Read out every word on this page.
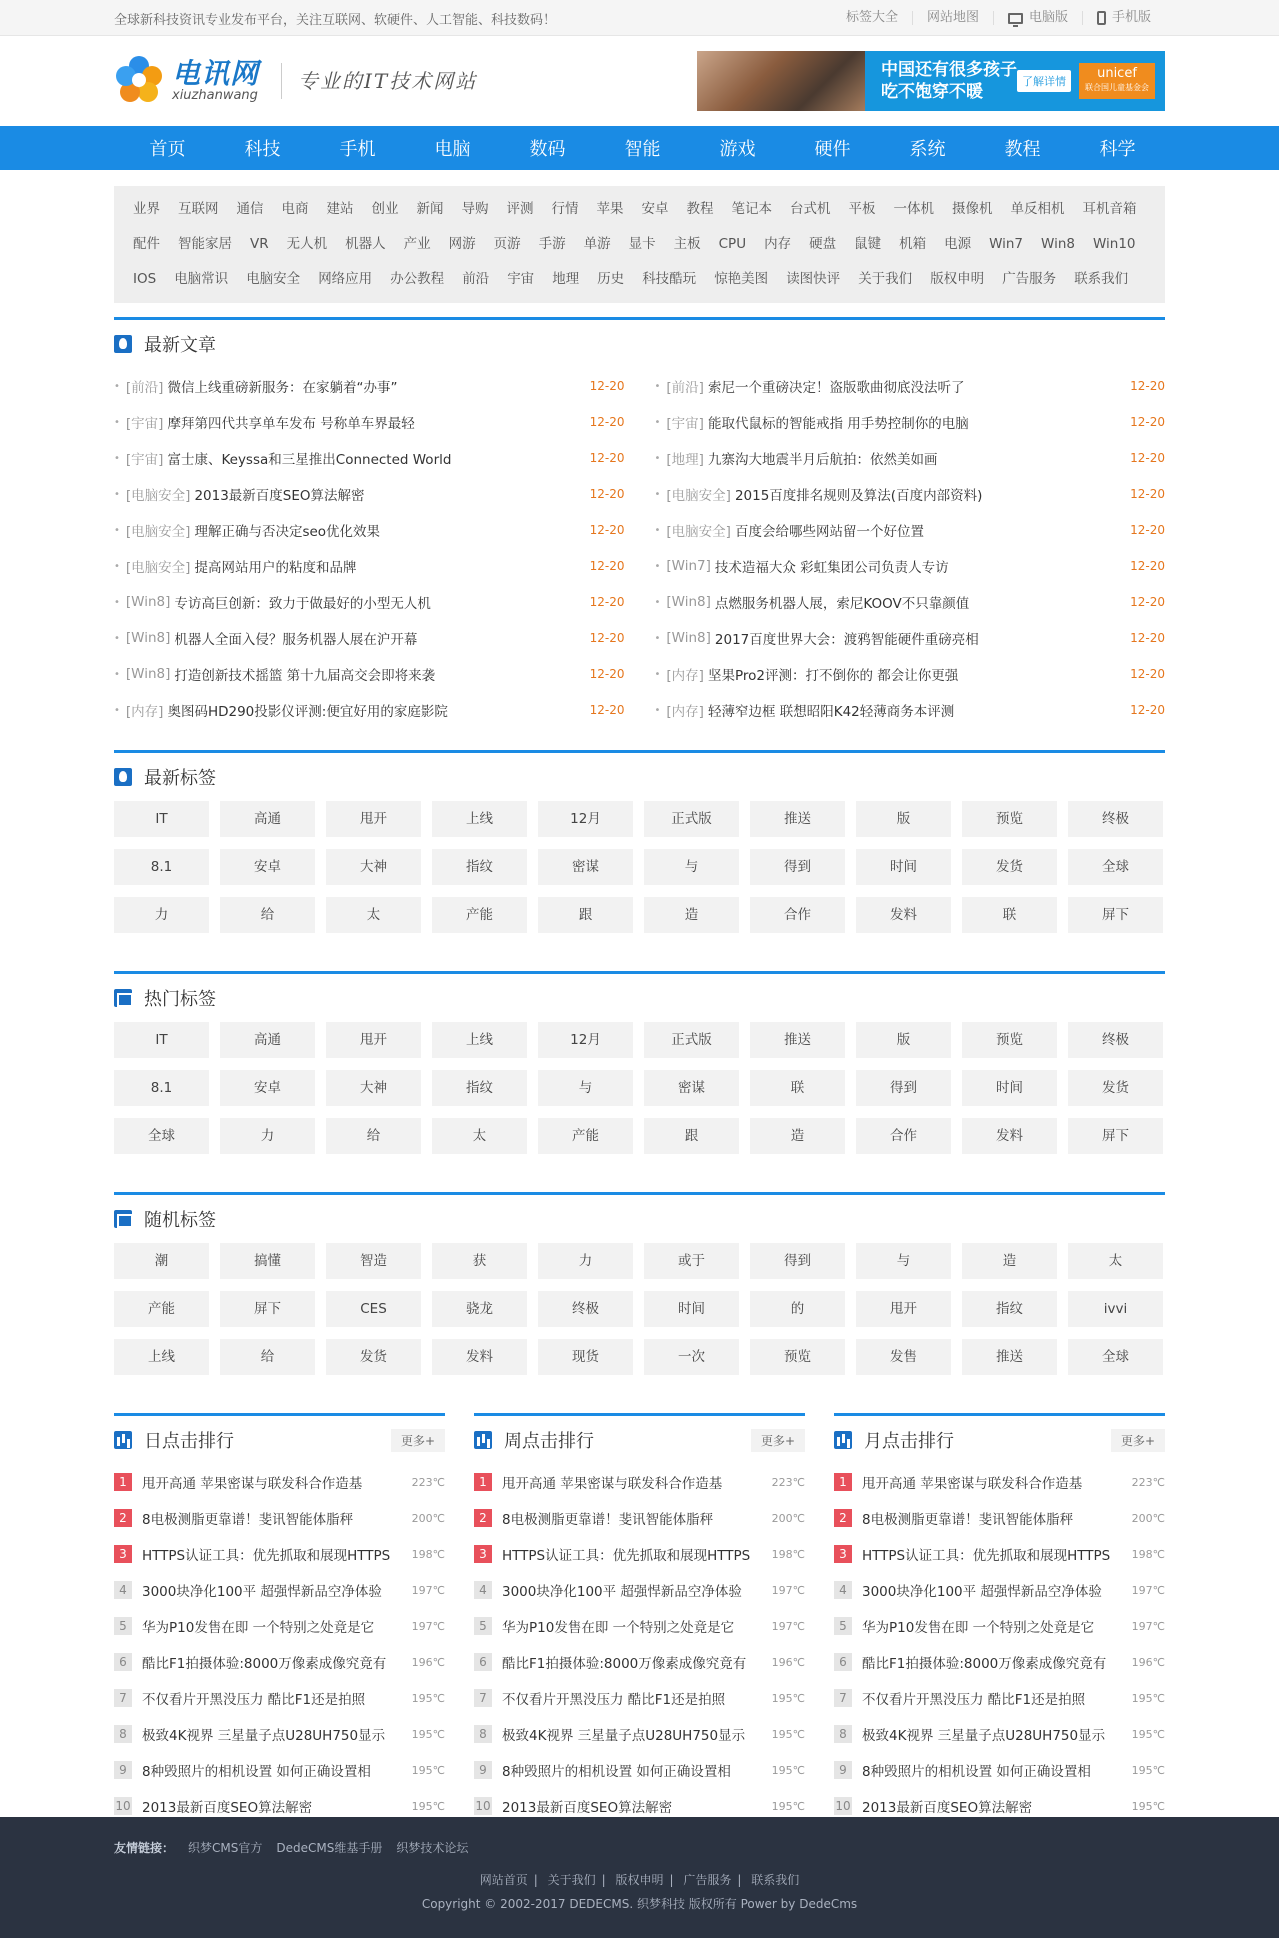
全球新科技资讯专业发布平台，关注互联网、软硬件、人工智能、科技数码！	标签大全 网站地图	电脑版	手机版
电讯网
xiuzhanwang
专业的IT技术网站	中国还有很多孩子
吃不饱穿不暖
了解详情
unicef
联合国儿童基金会
首页	科技	手机	电脑	数码	智能	游戏	硬件	系统	教程	科学
业界 互联网 通信 电商 建站 创业 新闻 导购 评测 行情 苹果 安卓 教程 笔记本 台式机 平板 一体机 摄像机 单反相机 耳机音箱
配件 智能家居 VR 无人机 机器人 产业 网游 页游 手游 单游 显卡 主板 CPU 内存 硬盘 鼠键 机箱 电源 Win7 Win8 Win10
IOS 电脑常识 电脑安全 网络应用 办公教程 前沿 宇宙 地理 历史 科技酷玩 惊艳美图 读图快评 关于我们 版权申明 广告服务 联系我们
最新文章
• [前沿] 微信上线重磅新服务：在家躺着“办事”	12-20	• [前沿] 索尼一个重磅决定！盗版歌曲彻底没法听了	12-20
• [宇宙] 摩拜第四代共享单车发布 号称单车界最轻	12-20	• [宇宙] 能取代鼠标的智能戒指 用手势控制你的电脑	12-20
• [宇宙] 富士康、Keyssa和三星推出Connected World	12-20	• [地理] 九寨沟大地震半月后航拍：依然美如画	12-20
• [电脑安全] 2013最新百度SEO算法解密	12-20	• [电脑安全] 2015百度排名规则及算法(百度内部资料)	12-20
• [电脑安全] 理解正确与否决定seo优化效果	12-20	• [电脑安全] 百度会给哪些网站留一个好位置	12-20
• [电脑安全] 提高网站用户的粘度和品牌	12-20	• [Win7] 技术造福大众 彩虹集团公司负责人专访	12-20
• [Win8] 专访高巨创新：致力于做最好的小型无人机	12-20	• [Win8] 点燃服务机器人展，索尼KOOV不只靠颜值	12-20
• [Win8] 机器人全面入侵？服务机器人展在沪开幕	12-20	• [Win8] 2017百度世界大会：渡鸦智能硬件重磅亮相	12-20
• [Win8] 打造创新技术摇篮 第十九届高交会即将来袭	12-20	• [内存] 坚果Pro2评测：打不倒你的 都会让你更强	12-20
• [内存] 奥图码HD290投影仪评测:便宜好用的家庭影院	12-20	• [内存] 轻薄窄边框 联想昭阳K42轻薄商务本评测	12-20
最新标签
IT	高通	甩开	上线	12月	正式版	推送	版	预览	终极
8.1	安卓	大神	指纹	密谋	与	得到	时间	发货	全球
力	给	太	产能	跟	造	合作	发料	联	屏下
热门标签
IT	高通	甩开	上线	12月	正式版	推送	版	预览	终极
8.1	安卓	大神	指纹	与	密谋	联	得到	时间	发货
全球	力	给	太	产能	跟	造	合作	发料	屏下
随机标签
潮	搞懂	智造	获	力	或于	得到	与	造	太
产能	屏下	CES	骁龙	终极	时间	的	甩开	指纹	ivvi
上线	给	发货	发料	现货	一次	预览	发售	推送	全球
日点击排行	更多+
1	甩开高通 苹果密谋与联发科合作造基	223℃
2	8电极测脂更靠谱！斐讯智能体脂秤	200℃
3	HTTPS认证工具：优先抓取和展现HTTPS	198℃
4	3000块净化100平 超强悍新品空净体验	197℃
5	华为P10发售在即 一个特别之处竟是它	197℃
6	酷比F1拍摄体验:8000万像素成像究竟有	196℃
7	不仅看片开黑没压力 酷比F1还是拍照	195℃
8	极致4K视界 三星量子点U28UH750显示	195℃
9	8种毁照片的相机设置 如何正确设置相	195℃
10 2013最新百度SEO算法解密	195℃
周点击排行	更多+
1	甩开高通 苹果密谋与联发科合作造基	223℃
2	8电极测脂更靠谱！斐讯智能体脂秤	200℃
3	HTTPS认证工具：优先抓取和展现HTTPS	198℃
4	3000块净化100平 超强悍新品空净体验	197℃
5	华为P10发售在即 一个特别之处竟是它	197℃
6	酷比F1拍摄体验:8000万像素成像究竟有	196℃
7	不仅看片开黑没压力 酷比F1还是拍照	195℃
8	极致4K视界 三星量子点U28UH750显示	195℃
9	8种毁照片的相机设置 如何正确设置相	195℃
10 2013最新百度SEO算法解密	195℃
月点击排行	更多+
1	甩开高通 苹果密谋与联发科合作造基	223℃
2	8电极测脂更靠谱！斐讯智能体脂秤	200℃
3	HTTPS认证工具：优先抓取和展现HTTPS	198℃
4	3000块净化100平 超强悍新品空净体验	197℃
5	华为P10发售在即 一个特别之处竟是它	197℃
6	酷比F1拍摄体验:8000万像素成像究竟有	196℃
7	不仅看片开黑没压力 酷比F1还是拍照	195℃
8	极致4K视界 三星量子点U28UH750显示	195℃
9	8种毁照片的相机设置 如何正确设置相	195℃
10 2013最新百度SEO算法解密	195℃
友情链接： 织梦CMS官方 DedeCMS维基手册 织梦技术论坛
网站首页 | 关于我们 | 版权申明 | 广告服务 | 联系我们
Copyright © 2002-2017 DEDECMS. 织梦科技 版权所有 Power by DedeCms
